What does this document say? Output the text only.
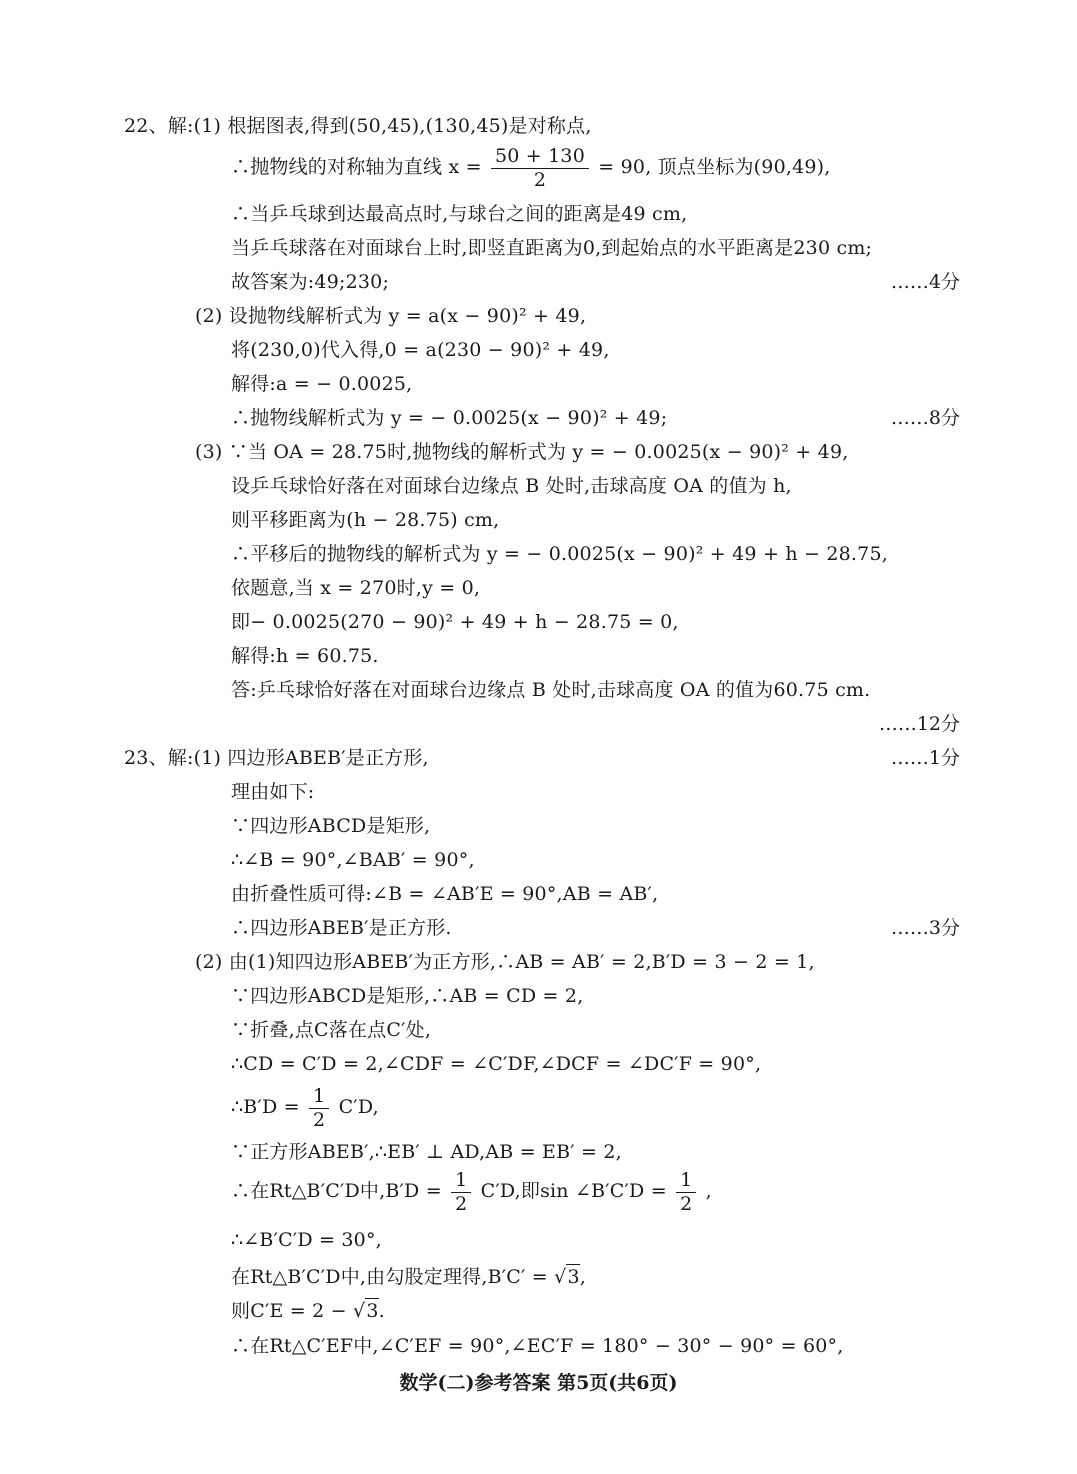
22、解:(1) 根据图表,得到(50,45),(130,45)是对称点,
∴抛物线的对称轴为直线 $x = \frac{50 + 130}{2} = 90$, 顶点坐标为(90,49),
∴当乒乓球到达最高点时,与球台之间的距离是49 cm,
当乒乓球落在对面球台上时,即竖直距离为0,到起始点的水平距离是230 cm;
故答案为:49;230;	……4分
(2) 设抛物线解析式为 y = a(x − 90)² + 49,
将(230,0)代入得,0 = a(230 − 90)² + 49,
解得:a = − 0.0025,
∴抛物线解析式为 y = − 0.0025(x − 90)² + 49;	……8分
(3) ∵当 OA = 28.75时,抛物线的解析式为 y = − 0.0025(x − 90)² + 49,
设乒乓球恰好落在对面球台边缘点 B 处时,击球高度 OA 的值为 h,
则平移距离为(h − 28.75) cm,
∴平移后的抛物线的解析式为 y = − 0.0025(x − 90)² + 49 + h − 28.75,
依题意,当 x = 270时,y = 0,
即− 0.0025(270 − 90)² + 49 + h − 28.75 = 0,
解得:h = 60.75.
答:乒乓球恰好落在对面球台边缘点 B 处时,击球高度 OA 的值为60.75 cm.
……12分
23、解:(1) 四边形ABEB′是正方形,	……1分
理由如下:
∵四边形ABCD是矩形,
∴∠B = 90°,∠BAB′ = 90°,
由折叠性质可得:∠B = ∠AB′E = 90°,AB = AB′,
∴四边形ABEB′是正方形.	……3分
(2) 由(1)知四边形ABEB′为正方形,∴AB = AB′ = 2,B′D = 3 − 2 = 1,
∵四边形ABCD是矩形,∴AB = CD = 2,
∵折叠,点C落在点C′处,
∴CD = C′D = 2,∠CDF = ∠C′DF,∠DCF = ∠DC′F = 90°,
∴B′D = $\frac{1}{2} C'D$,
∵正方形ABEB′,∴EB′ ⊥ AD,AB = EB′ = 2,
∴在Rt△B′C′D中$,B'D = \frac{1}{2} C'D$,即sin ∠B′C′D = $\frac{1}{2}$ ,
∴∠B′C′D = 30°,
在Rt△B′C′D中,由勾股定理得,B′C′ = √3,
则C′E = 2 − √3.
∴在Rt△C′EF中,∠C′EF = 90°,∠EC′F = 180° − 30° − 90° = 60°,
数学(二)参考答案 第5页(共6页)
